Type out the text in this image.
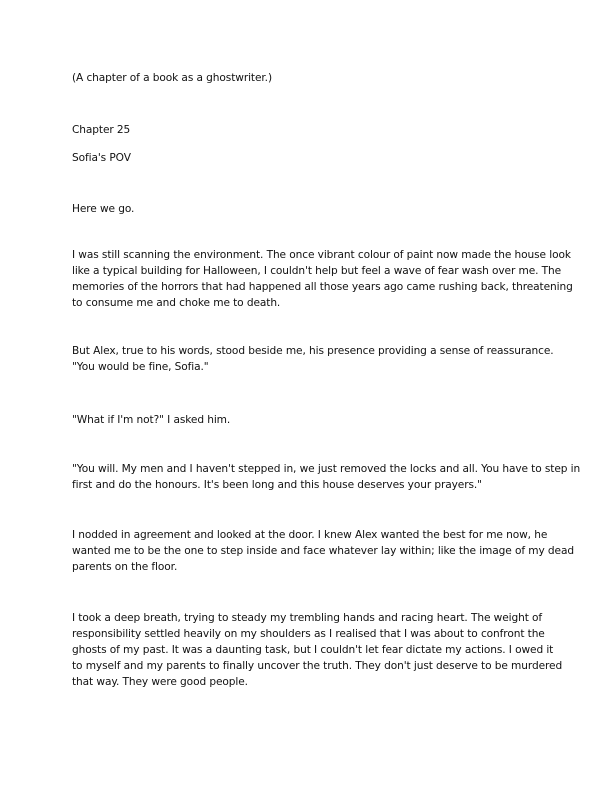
(A chapter of a book as a ghostwriter.)

Chapter 25

Sofia's POV

Here we go.

I was still scanning the environment. The once vibrant colour of paint now made the house look

like a typical building for Halloween, I couldn't help but feel a wave of fear wash over me. The

memories of the horrors that had happened all those years ago came rushing back, threatening

to consume me and choke me to death.

But Alex, true to his words, stood beside me, his presence providing a sense of reassurance.

"You would be fine, Sofia."

"What if I'm not?" I asked him.

"You will. My men and I haven't stepped in, we just removed the locks and all. You have to step in

first and do the honours. It's been long and this house deserves your prayers."

I nodded in agreement and looked at the door. I knew Alex wanted the best for me now, he

wanted me to be the one to step inside and face whatever lay within; like the image of my dead

parents on the floor.

I took a deep breath, trying to steady my trembling hands and racing heart. The weight of

responsibility settled heavily on my shoulders as I realised that I was about to confront the

ghosts of my past. It was a daunting task, but I couldn't let fear dictate my actions. I owed it

to myself and my parents to finally uncover the truth. They don't just deserve to be murdered

that way. They were good people.
